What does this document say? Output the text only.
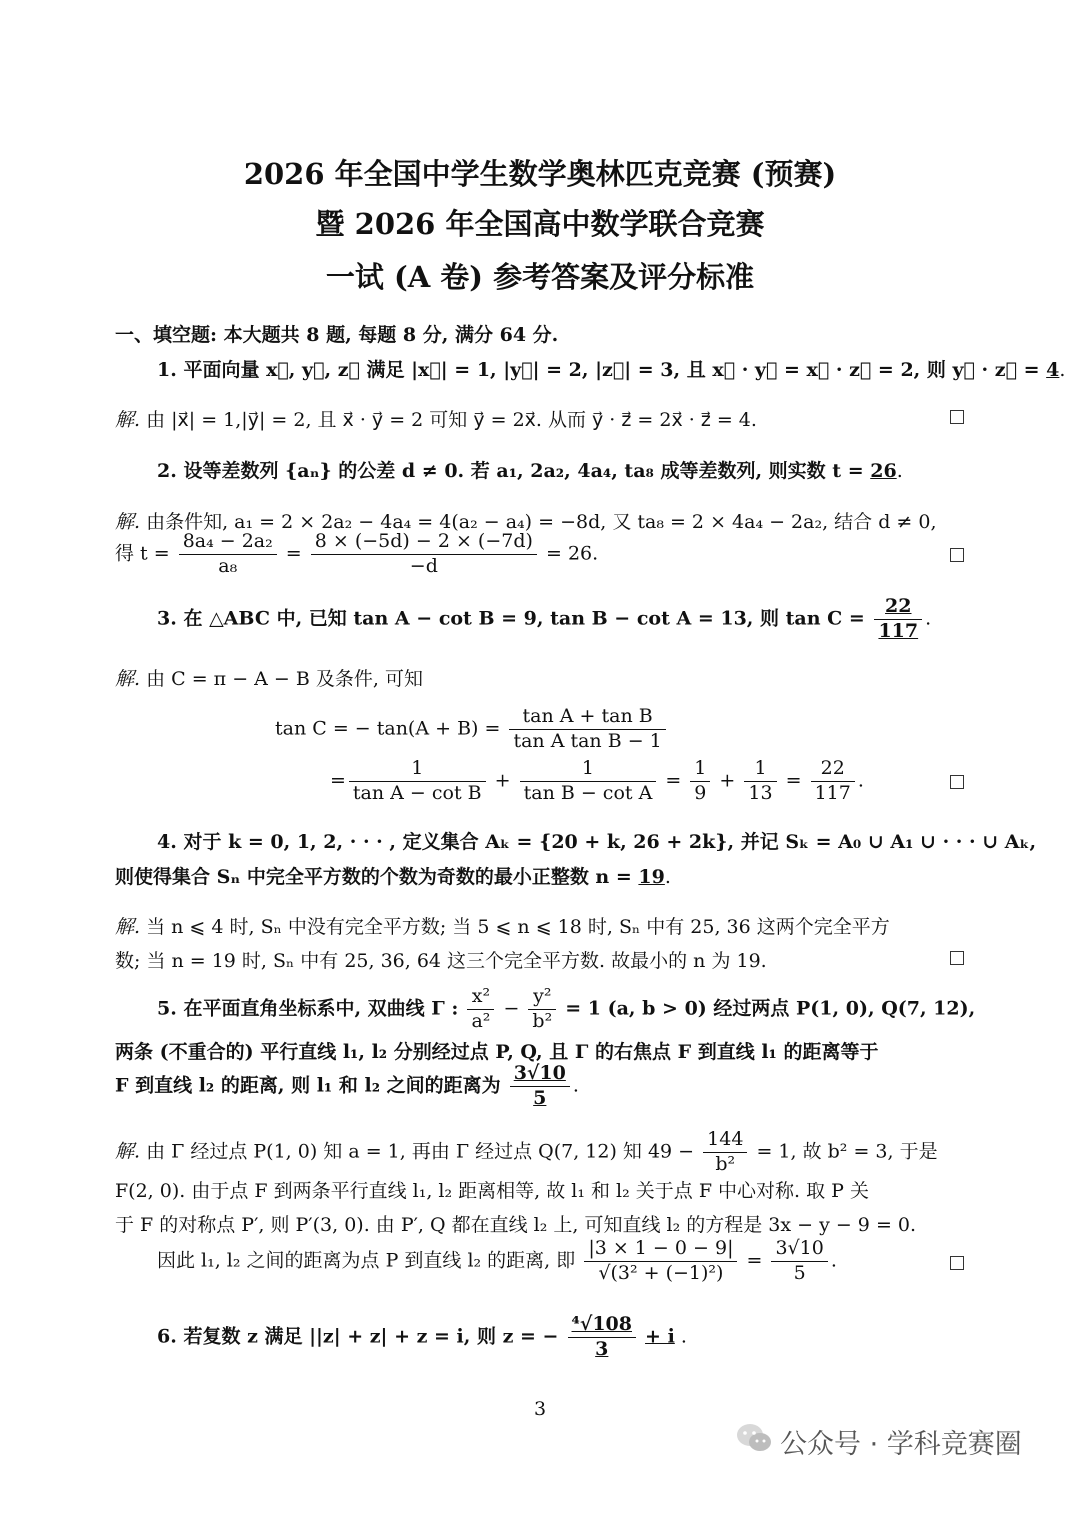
2026 年全国中学生数学奥林匹克竞赛 (预赛)
暨 2026 年全国高中数学联合竞赛
一试 (A 卷) 参考答案及评分标准
一、填空题: 本大题共 8 题, 每题 8 分, 满分 64 分.
1. 平面向量 x⃗, y⃗, z⃗ 满足 |x⃗| = 1, |y⃗| = 2, |z⃗| = 3, 且 x⃗ · y⃗ = x⃗ · z⃗ = 2, 则 y⃗ · z⃗ = 4.
解. 由 |x⃗| = 1,|y⃗| = 2, 且 x⃗ · y⃗ = 2 可知 y⃗ = 2x⃗. 从而 y⃗ · z⃗ = 2x⃗ · z⃗ = 4.
2. 设等差数列 {aₙ} 的公差 d ≠ 0. 若 a₁, 2a₂, 4a₄, ta₈ 成等差数列, 则实数 t = 26.
解. 由条件知, a₁ = 2 × 2a₂ − 4a₄ = 4(a₂ − a₄) = −8d, 又 ta₈ = 2 × 4a₄ − 2a₂, 结合 d ≠ 0,
得 $t = \frac{\text{8a₄ − 2a₂}}{\text{a₈}} = \frac{8 \times (-5d) - 2 \times (-7d)}{-d} = 26$.
3. 在 △ABC 中, 已知 tan A − cot B = 9, tan B − cot A = 13, 则 $\tan C = \frac{22}{117}$ .
解. 由 C = π − A − B 及条件, 可知
tan C = − $\tan(A + B) = \frac{\text{tan A + tan B}}{\text{tan A tan B − 1}}$
= $\frac{1}{\text{tan A − cot B}} + \frac{1}{\text{tan B − cot A}} = \frac{1}{9} + \frac{1}{13} = \frac{22}{117}$ .
4. 对于 k = 0, 1, 2, · · · , 定义集合 Aₖ = {20 + k, 26 + 2k}, 并记 Sₖ = A₀ ∪ A₁ ∪ · · · ∪ Aₖ,
则使得集合 Sₙ 中完全平方数的个数为奇数的最小正整数 n = 19.
解. 当 n ⩽ 4 时, Sₙ 中没有完全平方数; 当 5 ⩽ n ⩽ 18 时, Sₙ 中有 25, 36 这两个完全平方
数; 当 n = 19 时, Sₙ 中有 25, 36, 64 这三个完全平方数. 故最小的 n 为 19.
5. 在平面直角坐标系中, 双曲线 Γ : $\frac{\text{x²}}{\text{a²}} - \frac{\text{y²}}{\text{b²}} = 1$ (a, b > 0) 经过两点 P(1, 0), Q(7, 12),
两条 (不重合的) 平行直线 l₁, l₂ 分别经过点 P, Q, 且 Γ 的右焦点 F 到直线 l₁ 的距离等于
F 到直线 l₂ 的距离, 则 l₁ 和 l₂ 之间的距离为 $\frac{3√10}{5}$ .
解. 由 Γ 经过点 P(1, 0) 知 a = 1, 再由 Γ 经过点 Q(7, 12) 知 $49 - \frac{144}{\text{b²}} = 1$, 故 b² = 3, 于是
F(2, 0). 由于点 F 到两条平行直线 l₁, l₂ 距离相等, 故 l₁ 和 l₂ 关于点 F 中心对称. 取 P 关
于 F 的对称点 P′, 则 P′(3, 0). 由 P′, Q 都在直线 l₂ 上, 可知直线 l₂ 的方程是 3x − y − 9 = 0.
因此 l₁, l₂ 之间的距离为点 P 到直线 l₂ 的距离, 即 $\frac{|3 \times 1 - 0 - 9|}{\text{√(3² + (−1)²)}} = \frac{3√10}{5}$ .
6. 若复数 z 满足 ||z| + z| + z = i, 则 z = − $\frac{\text{⁴√108}}{3} + i$ .
3
公众号 · 学科竞赛圈
